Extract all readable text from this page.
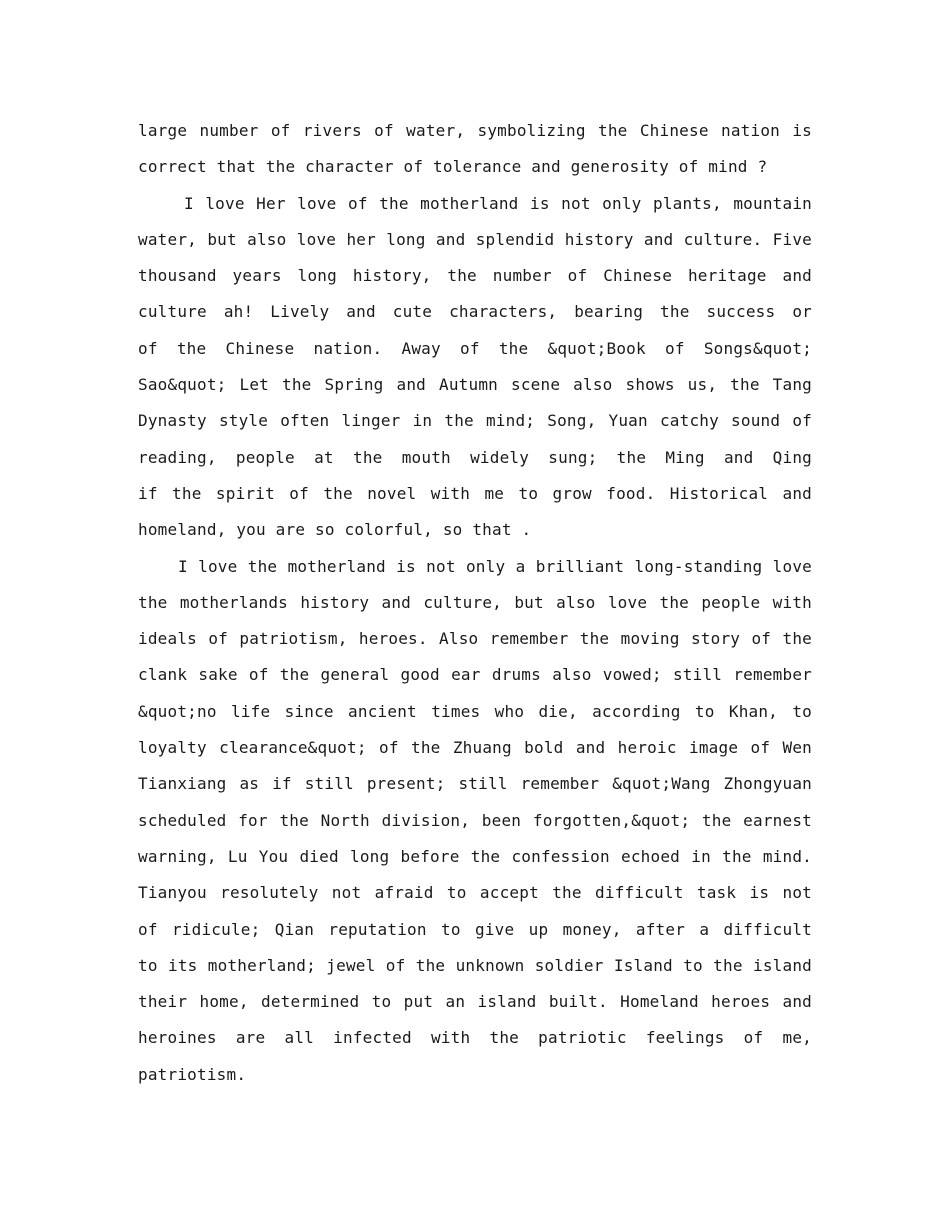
large number of rivers of water, symbolizing the Chinese nation is
correct that the character of tolerance and generosity of mind ?
I love Her love of the motherland is not only plants, mountain
water, but also love her long and splendid history and culture. Five
thousand years long history, the number of Chinese heritage and
culture ah! Lively and cute characters, bearing the success or
of the Chinese nation. Away of the &quot;Book of Songs&quot;
Sao&quot; Let the Spring and Autumn scene also shows us, the Tang
Dynasty style often linger in the mind; Song, Yuan catchy sound of
reading, people at the mouth widely sung; the Ming and Qing
if the spirit of the novel with me to grow food. Historical and
homeland, you are so colorful, so that .
I love the motherland is not only a brilliant long-standing love
the motherlands history and culture, but also love the people with
ideals of patriotism, heroes. Also remember the moving story of the
clank sake of the general good ear drums also vowed; still remember
&quot;no life since ancient times who die, according to Khan, to
loyalty clearance&quot; of the Zhuang bold and heroic image of Wen
Tianxiang as if still present; still remember &quot;Wang Zhongyuan
scheduled for the North division, been forgotten,&quot; the earnest
warning, Lu You died long before the confession echoed in the mind.
Tianyou resolutely not afraid to accept the difficult task is not
of ridicule; Qian reputation to give up money, after a difficult
to its motherland; jewel of the unknown soldier Island to the island
their home, determined to put an island built. Homeland heroes and
heroines are all infected with the patriotic feelings of me,
patriotism.
